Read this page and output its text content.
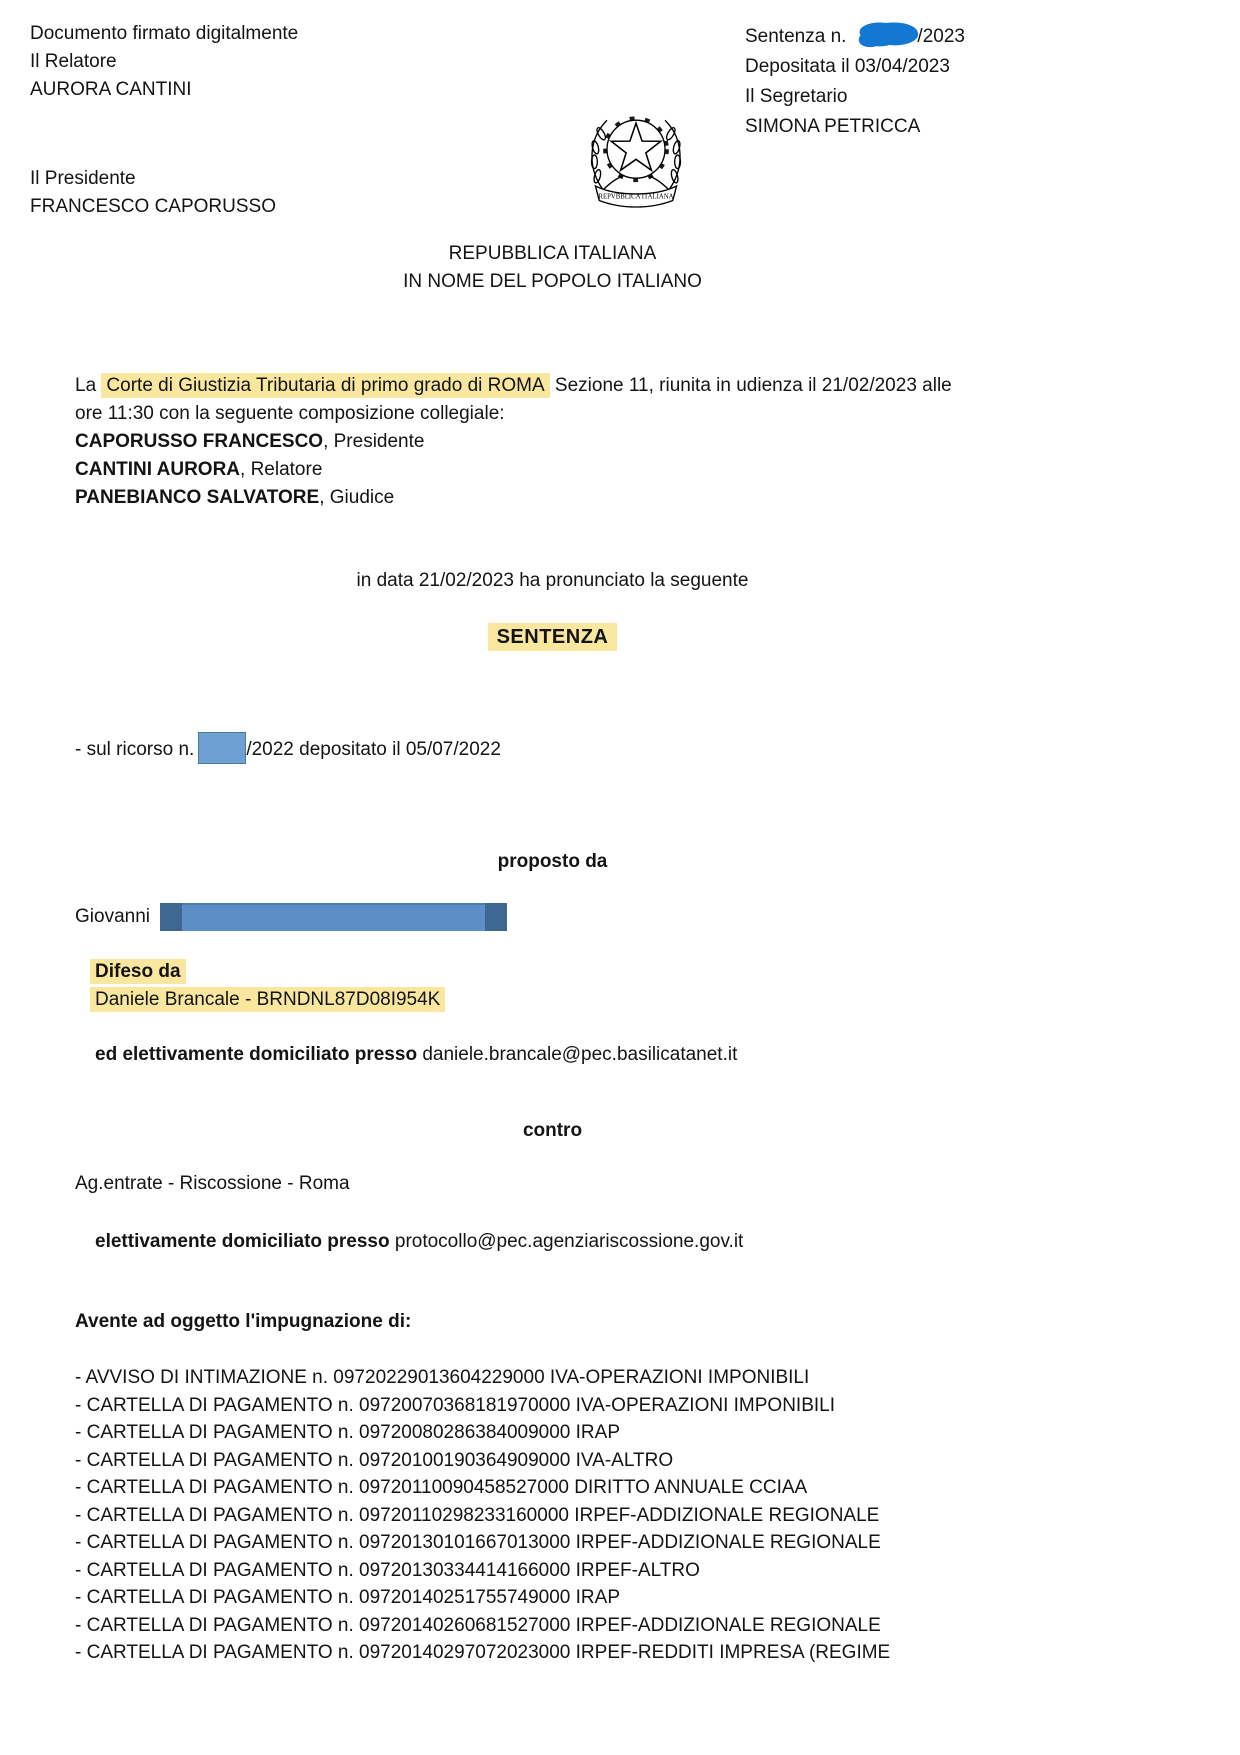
Documento firmato digitalmente
Il Relatore
AURORA CANTINI
Il Presidente
FRANCESCO CAPORUSSO
Sentenza n.	/2023
Depositata il 03/04/2023
Il Segretario
SIMONA PETRICCA
REPVBBLICA ITALIANA
REPUBBLICA ITALIANA
IN NOME DEL POPOLO ITALIANO
La Corte di Giustizia Tributaria di primo grado di ROMA Sezione 11, riunita in udienza il 21/02/2023 alle
ore 11:30 con la seguente composizione collegiale:
CAPORUSSO FRANCESCO, Presidente
CANTINI AURORA, Relatore
PANEBIANCO SALVATORE, Giudice
in data 21/02/2023 ha pronunciato la seguente
SENTENZA
- sul ricorso n.	/2022 depositato il 05/07/2022
proposto da
Giovanni
Difeso da
Daniele Brancale - BRNDNL87D08I954K
ed elettivamente domiciliato presso daniele.brancale@pec.basilicatanet.it
contro
Ag.entrate - Riscossione - Roma
elettivamente domiciliato presso protocollo@pec.agenziariscossione.gov.it
Avente ad oggetto l'impugnazione di:
- AVVISO DI INTIMAZIONE n. 09720229013604229000 IVA-OPERAZIONI IMPONIBILI
- CARTELLA DI PAGAMENTO n. 09720070368181970000 IVA-OPERAZIONI IMPONIBILI
- CARTELLA DI PAGAMENTO n. 09720080286384009000 IRAP
- CARTELLA DI PAGAMENTO n. 09720100190364909000 IVA-ALTRO
- CARTELLA DI PAGAMENTO n. 09720110090458527000 DIRITTO ANNUALE CCIAA
- CARTELLA DI PAGAMENTO n. 09720110298233160000 IRPEF-ADDIZIONALE REGIONALE
- CARTELLA DI PAGAMENTO n. 09720130101667013000 IRPEF-ADDIZIONALE REGIONALE
- CARTELLA DI PAGAMENTO n. 09720130334414166000 IRPEF-ALTRO
- CARTELLA DI PAGAMENTO n. 09720140251755749000 IRAP
- CARTELLA DI PAGAMENTO n. 09720140260681527000 IRPEF-ADDIZIONALE REGIONALE
- CARTELLA DI PAGAMENTO n. 09720140297072023000 IRPEF-REDDITI IMPRESA (REGIME
